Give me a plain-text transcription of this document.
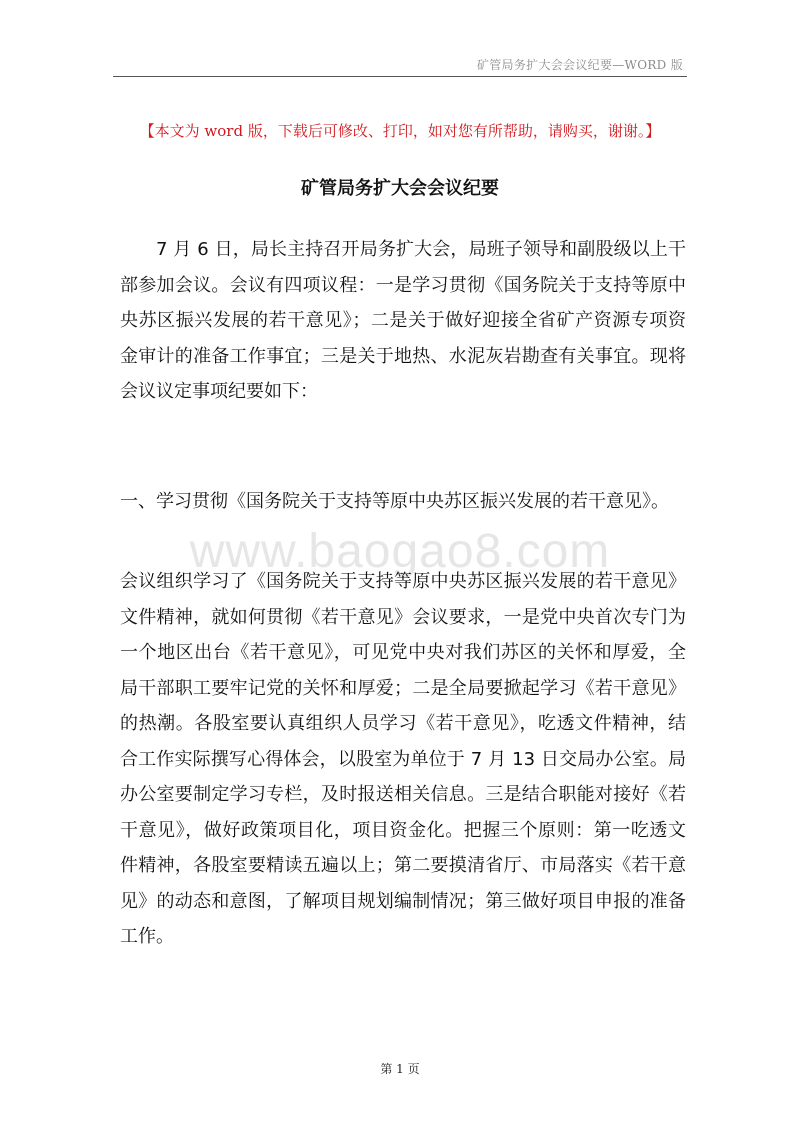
矿管局务扩大会会议纪要—WORD 版
【本文为 word 版，下载后可修改、打印，如对您有所帮助，请购买，谢谢。】
矿管局务扩大会会议纪要

7 月 6 日，局长主持召开局务扩大会，局班子领导和副股级以上干部参加会议。会议有四项议程：一是学习贯彻《国务院关于支持等原中央苏区振兴发展的若干意见》；二是关于做好迎接全省矿产资源专项资金审计的准备工作事宜；三是关于地热、水泥灰岩勘查有关事宜。现将会议议定事项纪要如下：

一、学习贯彻《国务院关于支持等原中央苏区振兴发展的若干意见》。

www.baogao8.com

会议组织学习了《国务院关于支持等原中央苏区振兴发展的若干意见》文件精神，就如何贯彻《若干意见》会议要求，一是党中央首次专门为一个地区出台《若干意见》，可见党中央对我们苏区的关怀和厚爱，全局干部职工要牢记党的关怀和厚爱；二是全局要掀起学习《若干意见》的热潮。各股室要认真组织人员学习《若干意见》，吃透文件精神，结合工作实际撰写心得体会，以股室为单位于 7 月 13 日交局办公室。局办公室要制定学习专栏，及时报送相关信息。三是结合职能对接好《若干意见》，做好政策项目化，项目资金化。把握三个原则：第一吃透文件精神，各股室要精读五遍以上；第二要摸清省厅、市局落实《若干意见》的动态和意图，了解项目规划编制情况；第三做好项目申报的准备工作。

第 1 页
